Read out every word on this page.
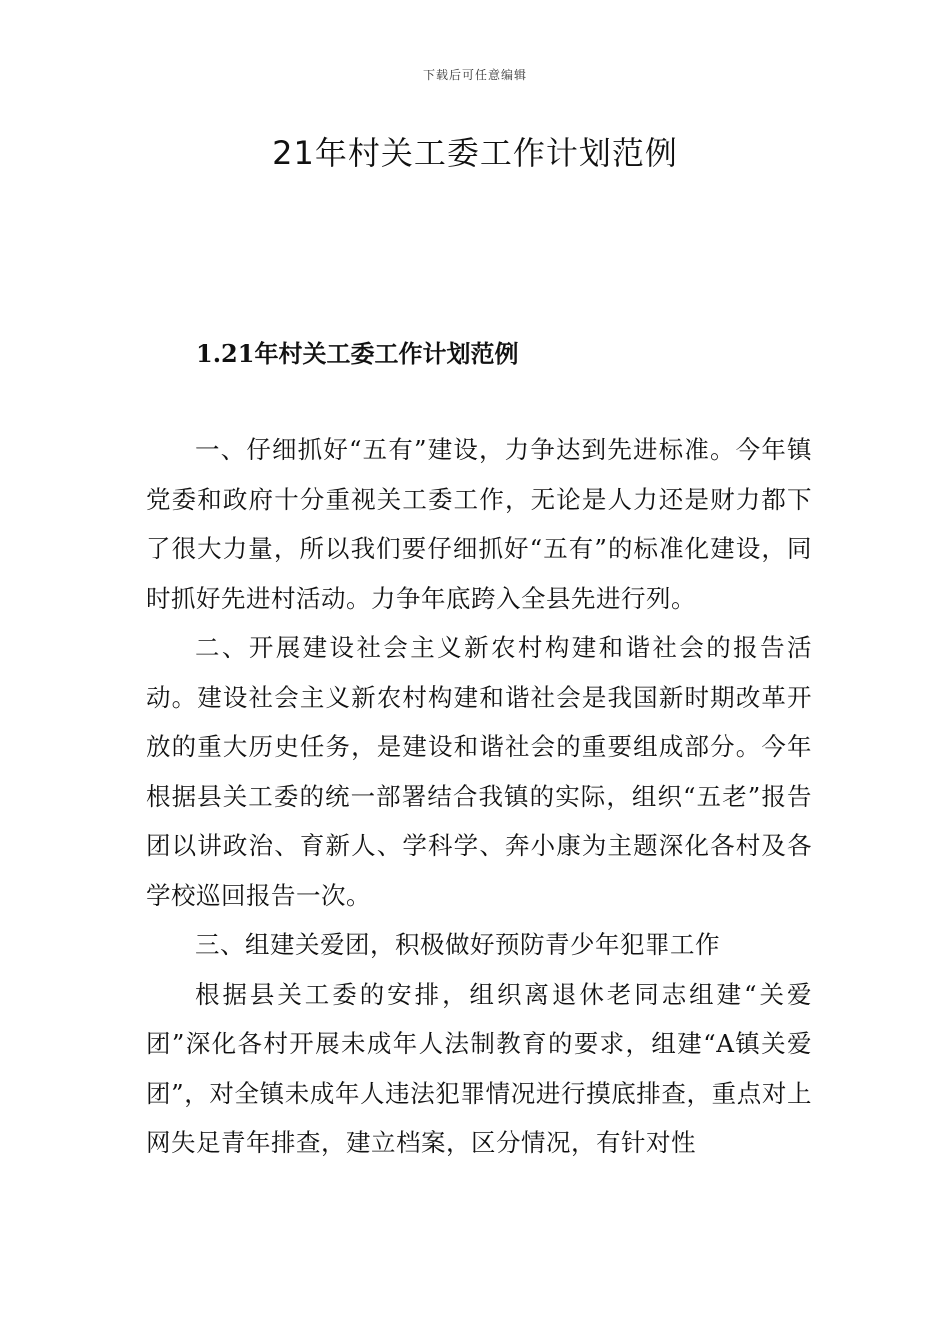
下载后可任意编辑
21年村关工委工作计划范例
1.21年村关工委工作计划范例

一、仔细抓好“五有”建设，力争达到先进标准。今年镇党委和政府十分重视关工委工作，无论是人力还是财力都下了很大力量，所以我们要仔细抓好“五有”的标准化建设，同时抓好先进村活动。力争年底跨入全县先进行列。

二、开展建设社会主义新农村构建和谐社会的报告活动。建设社会主义新农村构建和谐社会是我国新时期改革开放的重大历史任务，是建设和谐社会的重要组成部分。今年根据县关工委的统一部署结合我镇的实际，组织“五老”报告团以讲政治、育新人、学科学、奔小康为主题深化各村及各学校巡回报告一次。

三、组建关爱团，积极做好预防青少年犯罪工作

根据县关工委的安排，组织离退休老同志组建“关爱团”深化各村开展未成年人法制教育的要求，组建“A镇关爱团”，对全镇未成年人违法犯罪情况进行摸底排查，重点对上网失足青年排查，建立档案，区分情况，有针对性
